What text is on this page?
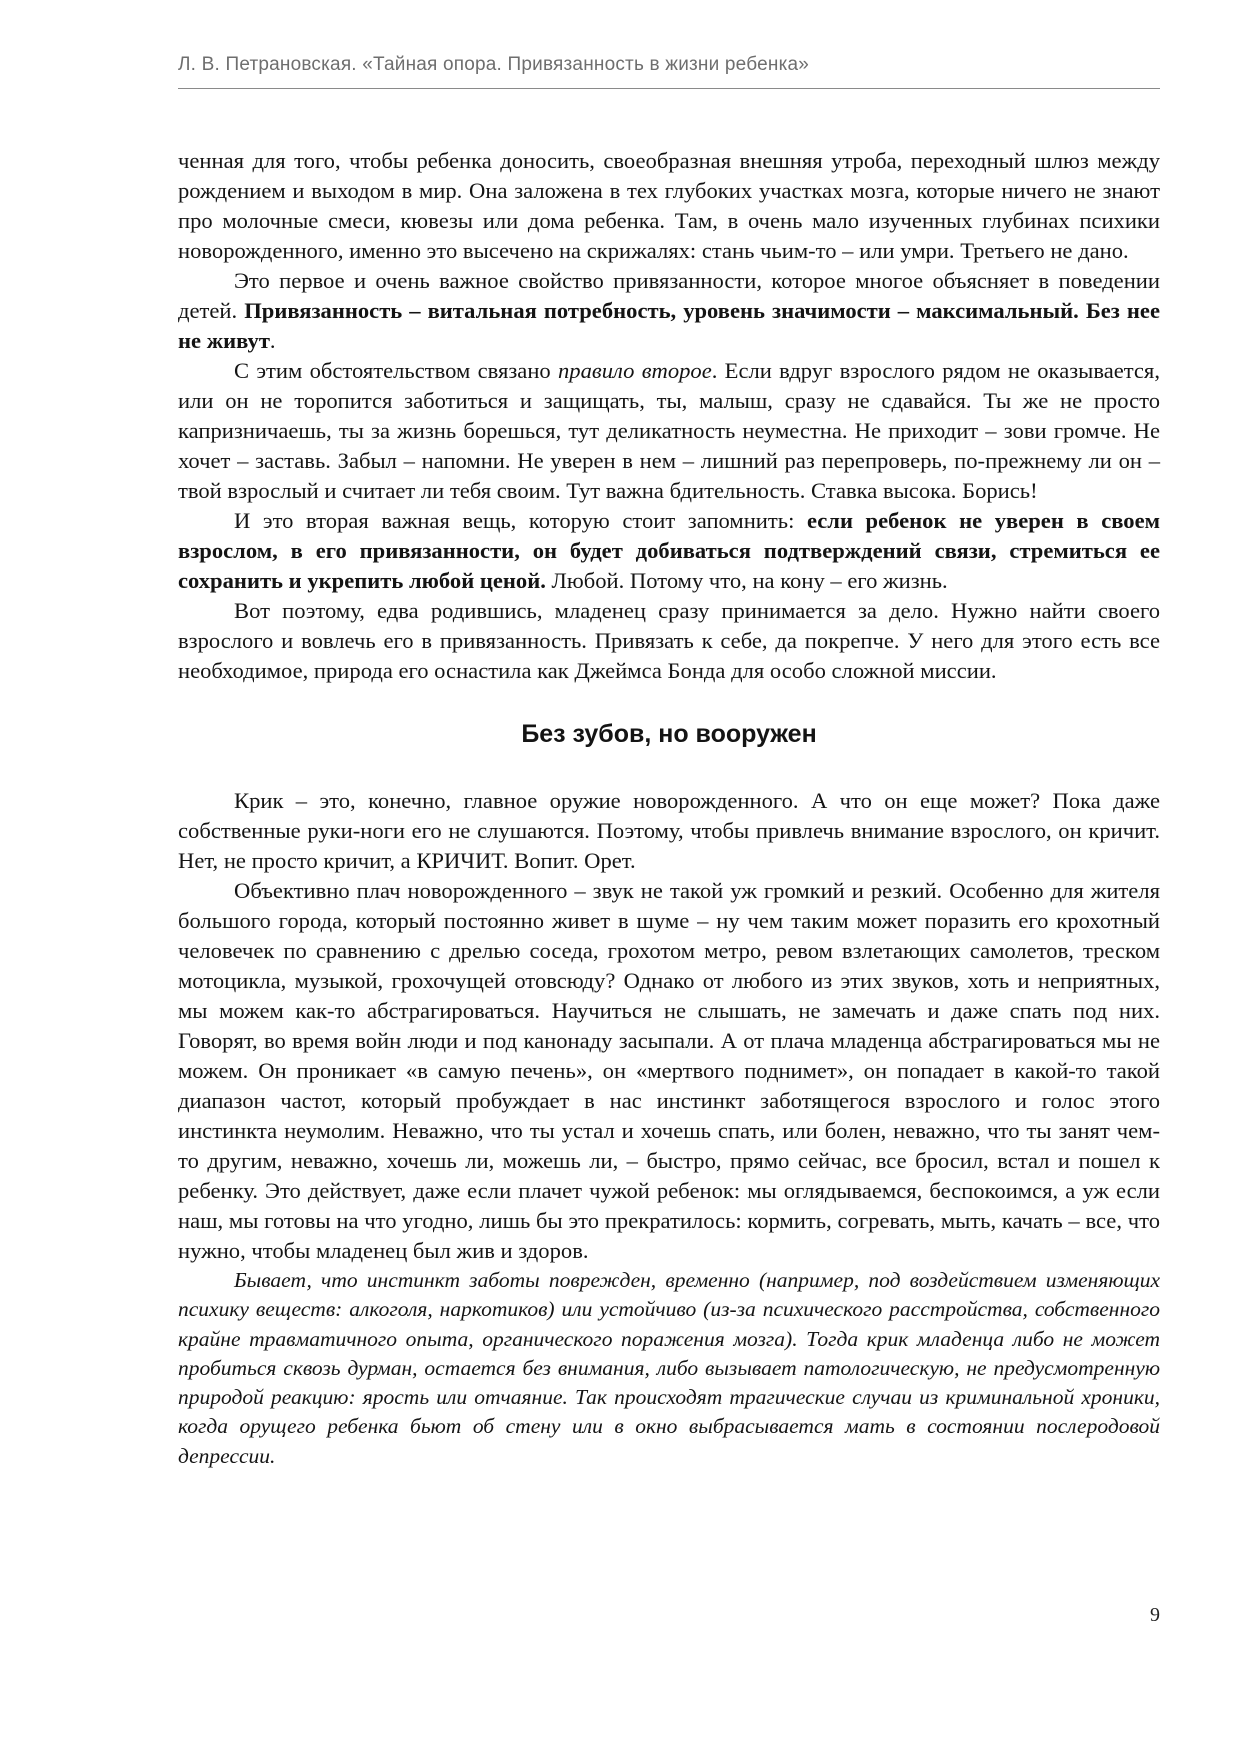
Л. В. Петрановская. «Тайная опора. Привязанность в жизни ребенка»

ченная для того, чтобы ребенка доносить, своеобразная внешняя утроба, переходный шлюз между рождением и выходом в мир. Она заложена в тех глубоких участках мозга, которые ничего не знают про молочные смеси, кювезы или дома ребенка. Там, в очень мало изученных глубинах психики новорожденного, именно это высечено на скрижалях: стань чьим-то – или умри. Третьего не дано.

Это первое и очень важное свойство привязанности, которое многое объясняет в поведении детей. Привязанность – витальная потребность, уровень значимости – максимальный. Без нее не живут.

С этим обстоятельством связано правило второе. Если вдруг взрослого рядом не оказывается, или он не торопится заботиться и защищать, ты, малыш, сразу не сдавайся. Ты же не просто капризничаешь, ты за жизнь борешься, тут деликатность неуместна. Не приходит – зови громче. Не хочет – заставь. Забыл – напомни. Не уверен в нем – лишний раз перепроверь, по-прежнему ли он – твой взрослый и считает ли тебя своим. Тут важна бдительность. Ставка высока. Борись!

И это вторая важная вещь, которую стоит запомнить: если ребенок не уверен в своем взрослом, в его привязанности, он будет добиваться подтверждений связи, стремиться ее сохранить и укрепить любой ценой. Любой. Потому что, на кону – его жизнь.

Вот поэтому, едва родившись, младенец сразу принимается за дело. Нужно найти своего взрослого и вовлечь его в привязанность. Привязать к себе, да покрепче. У него для этого есть все необходимое, природа его оснастила как Джеймса Бонда для особо сложной миссии.

Без зубов, но вооружен

Крик – это, конечно, главное оружие новорожденного. А что он еще может? Пока даже собственные руки-ноги его не слушаются. Поэтому, чтобы привлечь внимание взрослого, он кричит. Нет, не просто кричит, а КРИЧИТ. Вопит. Орет.

Объективно плач новорожденного – звук не такой уж громкий и резкий. Особенно для жителя большого города, который постоянно живет в шуме – ну чем таким может поразить его крохотный человечек по сравнению с дрелью соседа, грохотом метро, ревом взлетающих самолетов, треском мотоцикла, музыкой, грохочущей отовсюду? Однако от любого из этих звуков, хоть и неприятных, мы можем как-то абстрагироваться. Научиться не слышать, не замечать и даже спать под них. Говорят, во время войн люди и под канонаду засыпали. А от плача младенца абстрагироваться мы не можем. Он проникает «в самую печень», он «мертвого поднимет», он попадает в какой-то такой диапазон частот, который пробуждает в нас инстинкт заботящегося взрослого и голос этого инстинкта неумолим. Неважно, что ты устал и хочешь спать, или болен, неважно, что ты занят чем-то другим, неважно, хочешь ли, можешь ли, – быстро, прямо сейчас, все бросил, встал и пошел к ребенку. Это действует, даже если плачет чужой ребенок: мы оглядываемся, беспокоимся, а уж если наш, мы готовы на что угодно, лишь бы это прекратилось: кормить, согревать, мыть, качать – все, что нужно, чтобы младенец был жив и здоров.

Бывает, что инстинкт заботы поврежден, временно (например, под воздействием изменяющих психику веществ: алкоголя, наркотиков) или устойчиво (из-за психического расстройства, собственного крайне травматичного опыта, органического поражения мозга). Тогда крик младенца либо не может пробиться сквозь дурман, остается без внимания, либо вызывает патологическую, не предусмотренную природой реакцию: ярость или отчаяние. Так происходят трагические случаи из криминальной хроники, когда орущего ребенка бьют об стену или в окно выбрасывается мать в состоянии послеродовой депрессии.

9
